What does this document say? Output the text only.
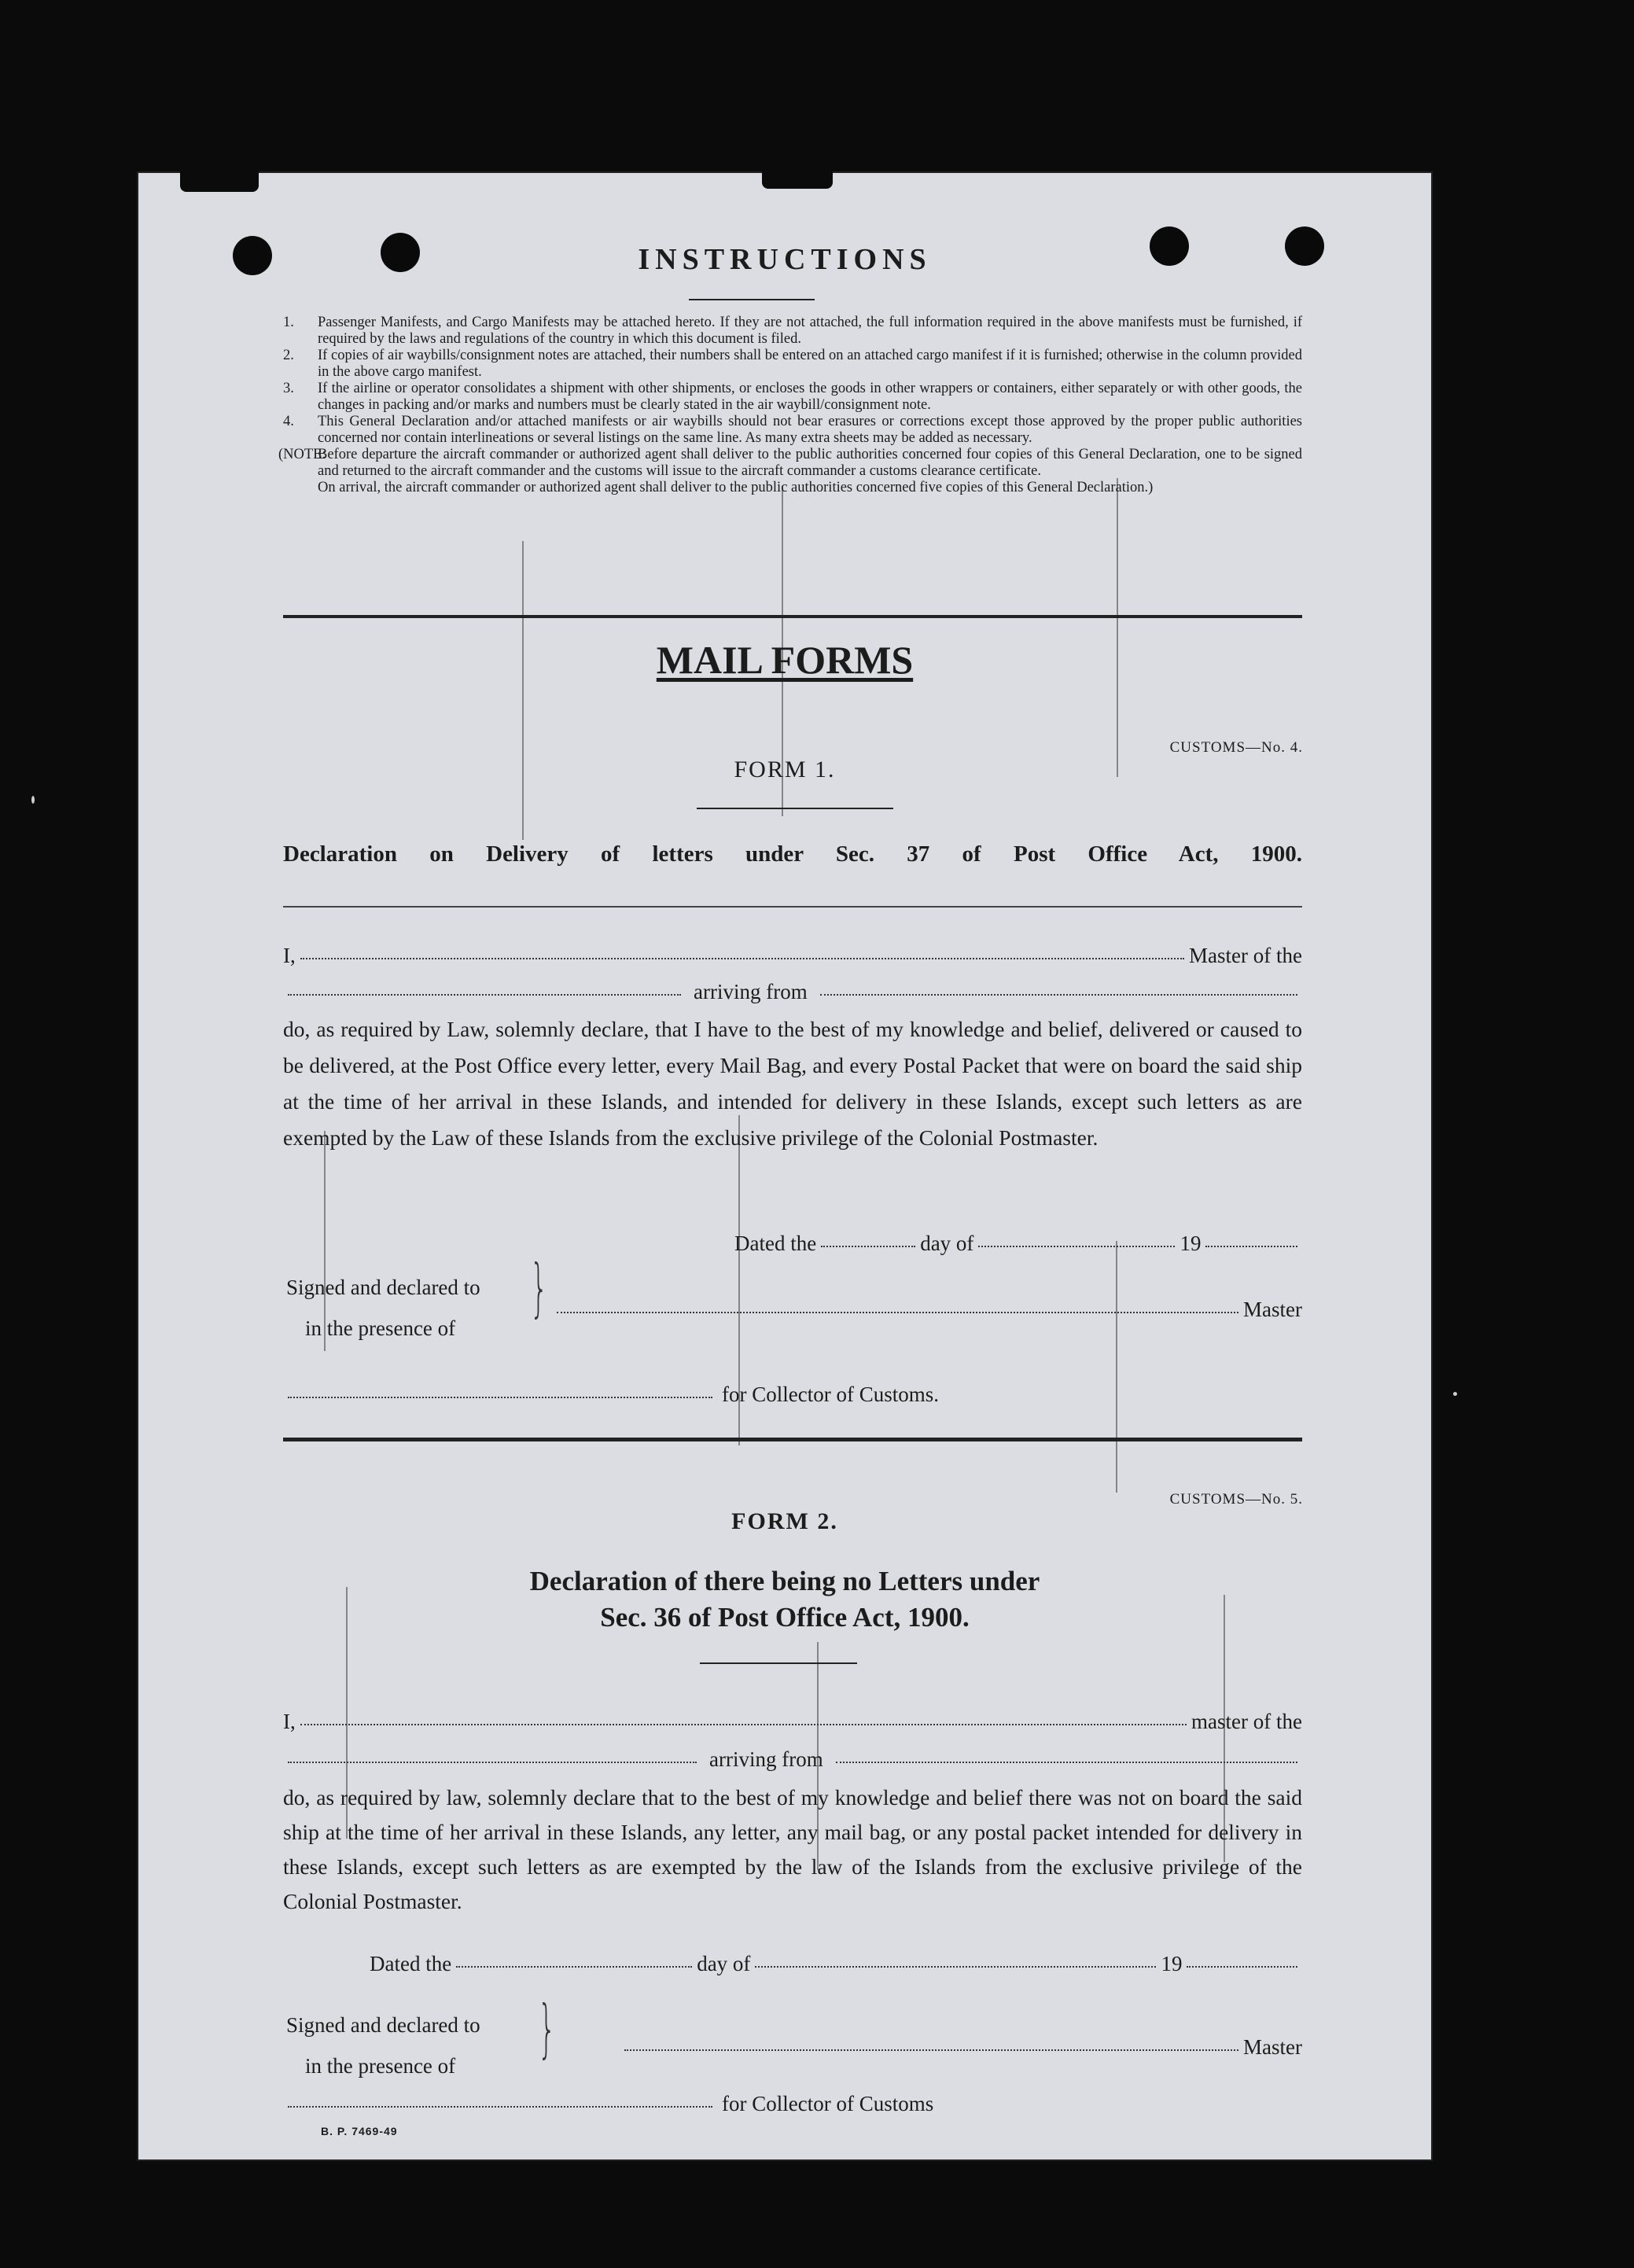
INSTRUCTIONS
1. Passenger Manifests, and Cargo Manifests may be attached hereto. If they are not attached, the full information required in the above manifests must be furnished, if required by the laws and regulations of the country in which this document is filed.
2. If copies of air waybills/consignment notes are attached, their numbers shall be entered on an attached cargo manifest if it is furnished; otherwise in the column provided in the above cargo manifest.
3. If the airline or operator consolidates a shipment with other shipments, or encloses the goods in other wrappers or containers, either separately or with other goods, the changes in packing and/or marks and numbers must be clearly stated in the air waybill/consignment note.
4. This General Declaration and/or attached manifests or air waybills should not bear erasures or corrections except those approved by the proper public authorities concerned nor contain interlineations or several listings on the same line. As many extra sheets may be added as necessary.
(NOTE:
Before departure the aircraft commander or authorized agent shall deliver to the public authorities concerned four copies of this General Declaration, one to be signed and returned to the aircraft commander and the customs will issue to the aircraft commander a customs clearance certificate.
On arrival, the aircraft commander or authorized agent shall deliver to the public authorities concerned five copies of this General Declaration.)
MAIL FORMS
CUSTOMS—No. 4.
FORM 1.
Declaration on Delivery of letters under Sec. 37 of Post Office Act, 1900.
I,	Master of the
arriving from
do, as required by Law, solemnly declare, that I have to the best of my knowledge and belief, delivered or caused to be delivered, at the Post Office every letter, every Mail Bag, and every Postal Packet that were on board the said ship at the time of her arrival in these Islands, and intended for delivery in these Islands, except such letters as are exempted by the Law of these Islands from the exclusive privilege of the Colonial Postmaster.
Dated the	day of	19
Signed and declared to
in the presence of
}	Master
for Collector of Customs.
CUSTOMS—No. 5.
FORM 2.
Declaration of there being no Letters under
Sec. 36 of Post Office Act, 1900.
I,	master of the
arriving from
do, as required by law, solemnly declare that to the best of my knowledge and belief there was not on board the said ship at the time of her arrival in these Islands, any letter, any mail bag, or any postal packet intended for delivery in these Islands, except such letters as are exempted by the law of the Islands from the exclusive privilege of the Colonial Postmaster.
Dated the	day of	19
Signed and declared to
in the presence of
}	Master
for Collector of Customs
B. P. 7469-49
